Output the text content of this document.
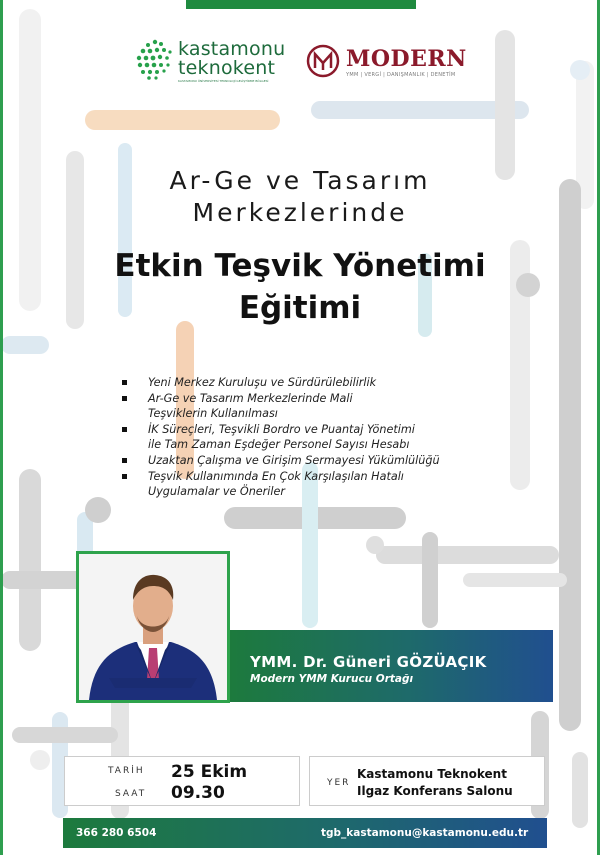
kastamonu
teknokent
KASTAMONU ÜNİVERSİTESİ TEKNOLOJİ GELİŞTİRME BÖLGESİ
MODERN
YMM | VERGİ | DANIŞMANLIK | DENETİM
Ar-Ge ve Tasarım
Merkezlerinde
Etkin Teşvik Yönetimi
Eğitimi
Yeni Merkez Kuruluşu ve Sürdürülebilirlik
Ar-Ge ve Tasarım Merkezlerinde Mali
Teşviklerin Kullanılması
İK Süreçleri, Teşvikli Bordro ve Puantaj Yönetimi
ile Tam Zaman Eşdeğer Personel Sayısı Hesabı
Uzaktan Çalışma ve Girişim Sermayesi Yükümlülüğü
Teşvik Kullanımında En Çok Karşılaşılan Hatalı
Uygulamalar ve Öneriler
YMM. Dr. Güneri GÖZÜAÇIK
Modern YMM Kurucu Ortağı
TARİH 25 Ekim
SAAT 09.30	YER
Kastamonu Teknokent
Ilgaz Konferans Salonu
366 280 6504	tgb_kastamonu@kastamonu.edu.tr
